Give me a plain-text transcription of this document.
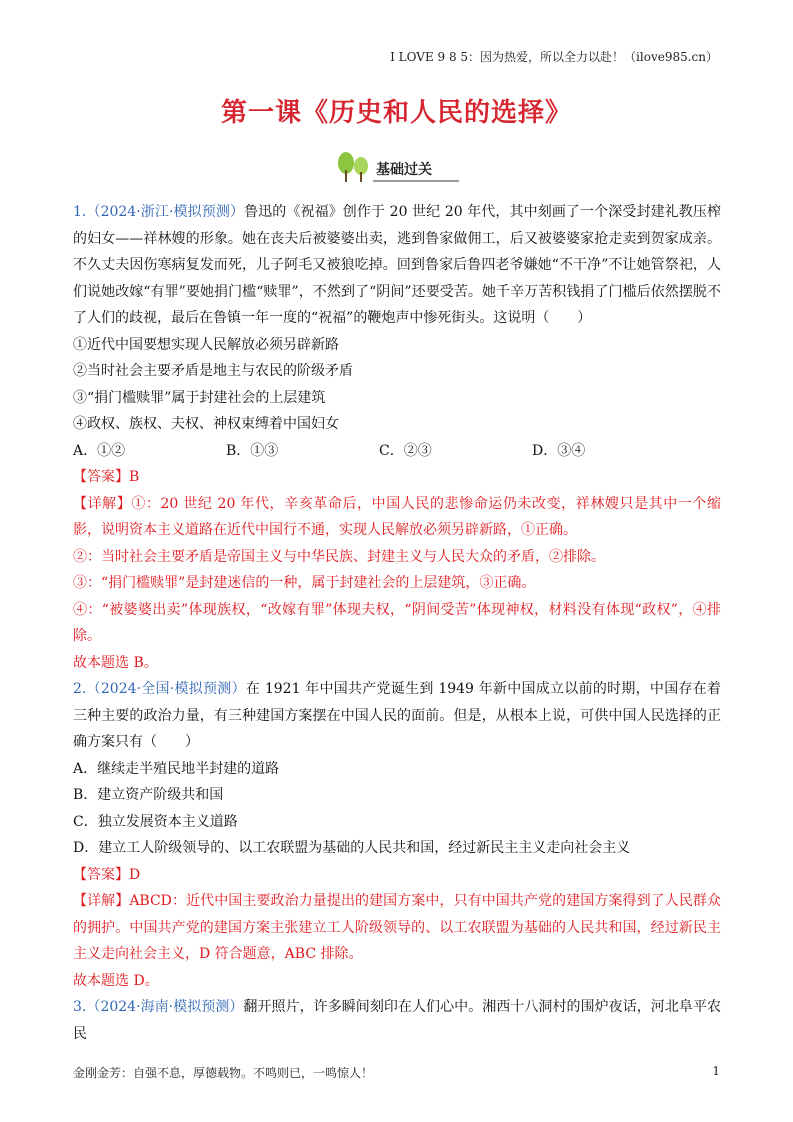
I LOVE 9 8 5：因为热爱，所以全力以赴！（ilove985.cn）
第一课《历史和人民的选择》
基础过关

1.（2024·浙江·模拟预测）鲁迅的《祝福》创作于 20 世纪 20 年代，其中刻画了一个深受封建礼教压榨的妇女——祥林嫂的形象。她在丧夫后被婆婆出卖，逃到鲁家做佣工，后又被婆婆家抢走卖到贺家成亲。不久丈夫因伤寒病复发而死，儿子阿毛又被狼吃掉。回到鲁家后鲁四老爷嫌她“不干净”不让她管祭祀，人们说她改嫁“有罪”要她捐门槛“赎罪”，不然到了“阴间”还要受苦。她千辛万苦积钱捐了门槛后依然摆脱不了人们的歧视，最后在鲁镇一年一度的“祝福”的鞭炮声中惨死街头。这说明（　　）

①近代中国要想实现人民解放必须另辟新路

②当时社会主要矛盾是地主与农民的阶级矛盾

③“捐门槛赎罪”属于封建社会的上层建筑

④政权、族权、夫权、神权束缚着中国妇女

A．①②	B．①③	C．②③	D．③④

【答案】B

【详解】①：20 世纪 20 年代，辛亥革命后，中国人民的悲惨命运仍未改变，祥林嫂只是其中一个缩影，说明资本主义道路在近代中国行不通，实现人民解放必须另辟新路，①正确。

②：当时社会主要矛盾是帝国主义与中华民族、封建主义与人民大众的矛盾，②排除。

③：“捐门槛赎罪”是封建迷信的一种，属于封建社会的上层建筑，③正确。

④：“被婆婆出卖”体现族权，“改嫁有罪”体现夫权，“阴间受苦”体现神权，材料没有体现“政权”，④排除。

故本题选 B。

2.（2024·全国·模拟预测）在 1921 年中国共产党诞生到 1949 年新中国成立以前的时期，中国存在着三种主要的政治力量，有三种建国方案摆在中国人民的面前。但是，从根本上说，可供中国人民选择的正确方案只有（　　）

A．继续走半殖民地半封建的道路

B．建立资产阶级共和国

C．独立发展资本主义道路

D．建立工人阶级领导的、以工农联盟为基础的人民共和国，经过新民主主义走向社会主义

【答案】D

【详解】ABCD：近代中国主要政治力量提出的建国方案中，只有中国共产党的建国方案得到了人民群众的拥护。中国共产党的建国方案主张建立工人阶级领导的、以工农联盟为基础的人民共和国，经过新民主主义走向社会主义，D 符合题意，ABC 排除。

故本题选 D。

3.（2024·海南·模拟预测）翻开照片，许多瞬间刻印在人们心中。湘西十八洞村的围炉夜话，河北阜平农民

金刚金芳：自强不息，厚德载物。不鸣则已，一鸣惊人！	1
